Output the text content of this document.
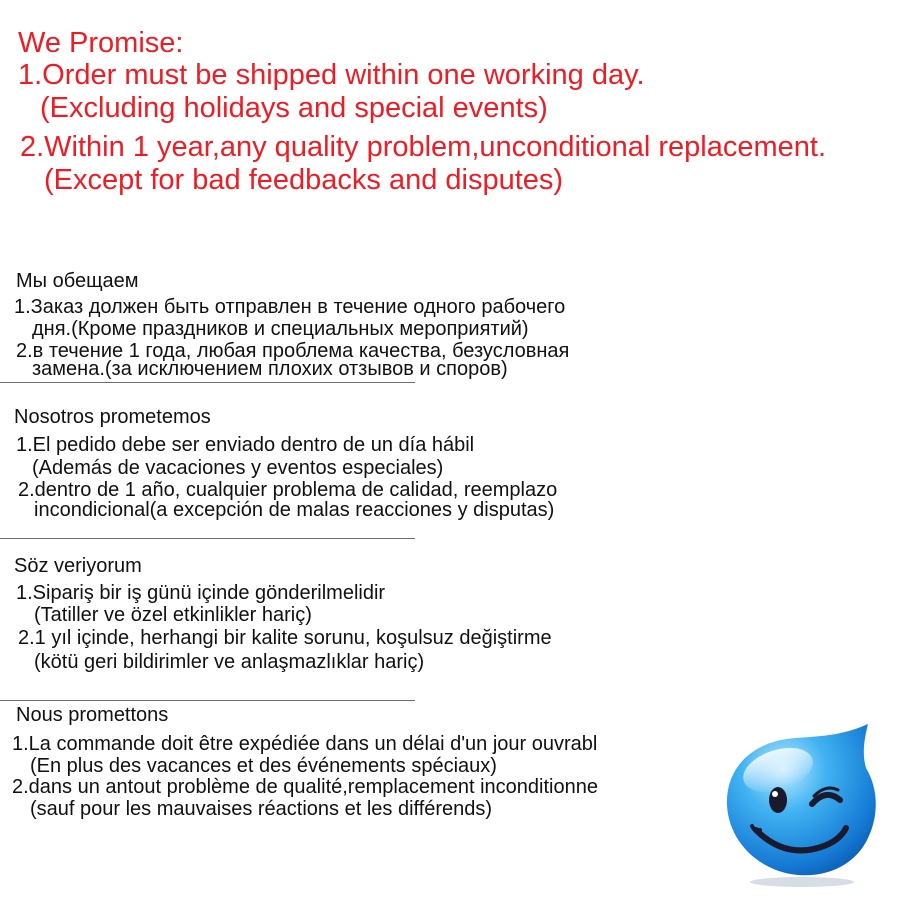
We Promise:
1.Order must be shipped within one working day.
(Excluding holidays and special events)
2.Within 1 year,any quality problem,unconditional replacement.
(Except for bad feedbacks and disputes)
Мы обещаем
1.Заказ должен быть отправлен в течение одного рабочего
дня.(Кроме праздников и специальных мероприятий)
2.в течение 1 года, любая проблема качества, безусловная
замена.(за исключением плохих отзывов и споров)
Nosotros prometemos
1.El pedido debe ser enviado dentro de un día hábil
(Además de vacaciones y eventos especiales)
2.dentro de 1 año, cualquier problema de calidad, reemplazo
incondicional(a excepción de malas reacciones y disputas)
Söz veriyorum
1.Sipariş bir iş günü içinde gönderilmelidir
(Tatiller ve özel etkinlikler hariç)
2.1 yıl içinde, herhangi bir kalite sorunu, koşulsuz değiştirme
(kötü geri bildirimler ve anlaşmazlıklar hariç)
Nous promettons
1.La commande doit être expédiée dans un délai d'un jour ouvrabl
(En plus des vacances et des événements spéciaux)
2.dans un antout problème de qualité,remplacement inconditionne
(sauf pour les mauvaises réactions et les différends)
